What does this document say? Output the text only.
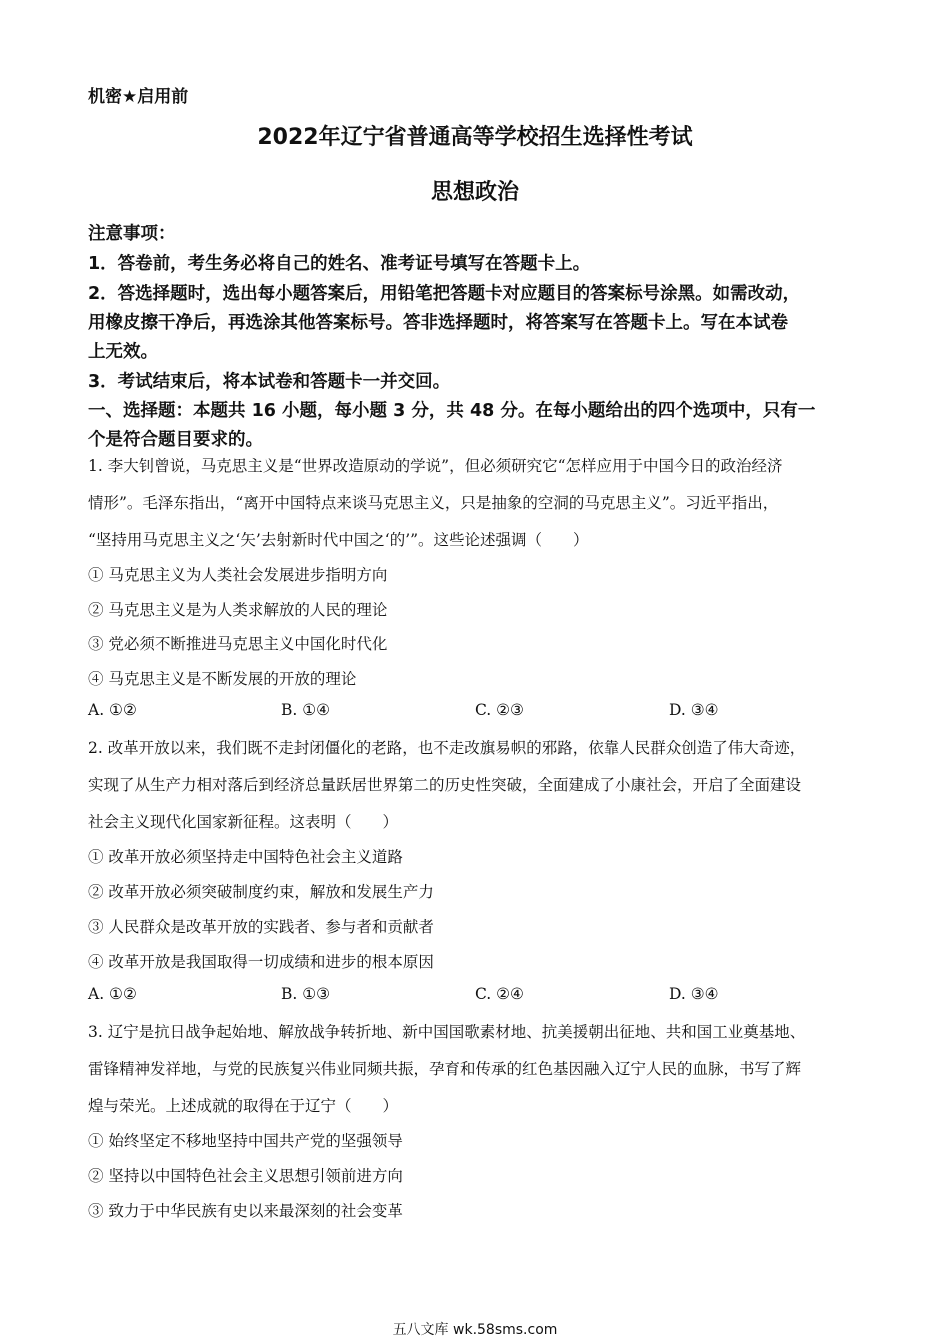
机密★启用前
2022年辽宁省普通高等学校招生选择性考试
思想政治
注意事项：
1．答卷前，考生务必将自己的姓名、准考证号填写在答题卡上。
2．答选择题时，选出每小题答案后，用铅笔把答题卡对应题目的答案标号涂黑。如需改动，
用橡皮擦干净后，再选涂其他答案标号。答非选择题时，将答案写在答题卡上。写在本试卷
上无效。
3．考试结束后，将本试卷和答题卡一并交回。
一、选择题：本题共 16 小题，每小题 3 分，共 48 分。在每小题给出的四个选项中，只有一
个是符合题目要求的。
1. 李大钊曾说，马克思主义是“世界改造原动的学说”，但必须研究它“怎样应用于中国今日的政治经济
情形”。毛泽东指出，“离开中国特点来谈马克思主义，只是抽象的空洞的马克思主义”。习近平指出，
“坚持用马克思主义之‘矢’去射新时代中国之‘的’”。这些论述强调（　　）
① 马克思主义为人类社会发展进步指明方向
② 马克思主义是为人类求解放的人民的理论
③ 党必须不断推进马克思主义中国化时代化
④ 马克思主义是不断发展的开放的理论
A. ①②	B. ①④	C. ②③	D. ③④
2. 改革开放以来，我们既不走封闭僵化的老路，也不走改旗易帜的邪路，依靠人民群众创造了伟大奇迹，
实现了从生产力相对落后到经济总量跃居世界第二的历史性突破，全面建成了小康社会，开启了全面建设
社会主义现代化国家新征程。这表明（　　）
① 改革开放必须坚持走中国特色社会主义道路
② 改革开放必须突破制度约束，解放和发展生产力
③ 人民群众是改革开放的实践者、参与者和贡献者
④ 改革开放是我国取得一切成绩和进步的根本原因
A. ①②	B. ①③	C. ②④	D. ③④
3. 辽宁是抗日战争起始地、解放战争转折地、新中国国歌素材地、抗美援朝出征地、共和国工业奠基地、
雷锋精神发祥地，与党的民族复兴伟业同频共振，孕育和传承的红色基因融入辽宁人民的血脉，书写了辉
煌与荣光。上述成就的取得在于辽宁（　　）
① 始终坚定不移地坚持中国共产党的坚强领导
② 坚持以中国特色社会主义思想引领前进方向
③ 致力于中华民族有史以来最深刻的社会变革
五八文库 wk.58sms.com
